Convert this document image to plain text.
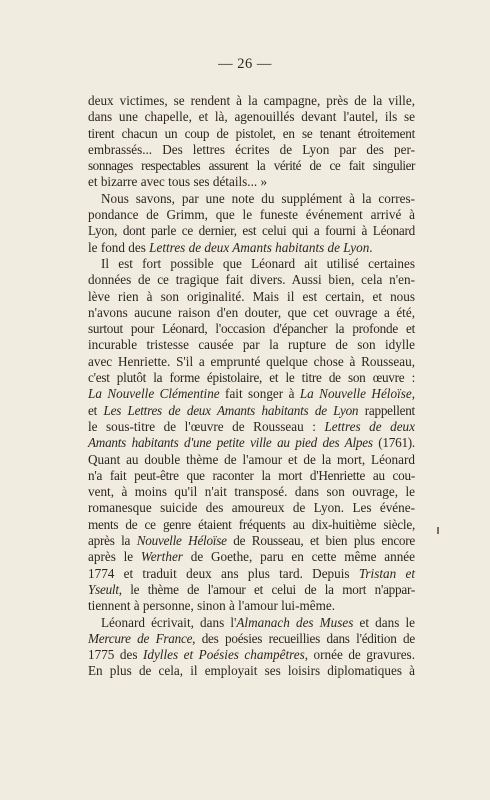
— 26 —
deux victimes, se rendent à la campagne, près de la ville,
dans une chapelle, et là, agenouillés devant l'autel, ils se
tirent chacun un coup de pistolet, en se tenant étroitement
embrassés... Des lettres écrites de Lyon par des per-
sonnages respectables assurent la vérité de ce fait singulier
et bizarre avec tous ses détails... »
Nous savons, par une note du supplément à la corres-
pondance de Grimm, que le funeste événement arrivé à
Lyon, dont parle ce dernier, est celui qui a fourni à Léonard
le fond des Lettres de deux Amants habitants de Lyon.
Il est fort possible que Léonard ait utilisé certaines
données de ce tragique fait divers. Aussi bien, cela n'en-
lève rien à son originalité. Mais il est certain, et nous
n'avons aucune raison d'en douter, que cet ouvrage a été,
surtout pour Léonard, l'occasion d'épancher la profonde et
incurable tristesse causée par la rupture de son idylle
avec Henriette. S'il a emprunté quelque chose à Rousseau,
c'est plutôt la forme épistolaire, et le titre de son œuvre :
La Nouvelle Clémentine fait songer à La Nouvelle Héloïse,
et Les Lettres de deux Amants habitants de Lyon rappellent
le sous-titre de l'œuvre de Rousseau : Lettres de deux
Amants habitants d'une petite ville au pied des Alpes (1761).
Quant au double thème de l'amour et de la mort, Léonard
n'a fait peut-être que raconter la mort d'Henriette au cou-
vent, à moins qu'il n'ait transposé. dans son ouvrage, le
romanesque suicide des amoureux de Lyon. Les événe-
ments de ce genre étaient fréquents au dix-huitième siècle,
après la Nouvelle Héloïse de Rousseau, et bien plus encore
après le Werther de Goethe, paru en cette même année
1774 et traduit deux ans plus tard. Depuis Tristan et
Yseult, le thème de l'amour et celui de la mort n'appar-
tiennent à personne, sinon à l'amour lui-même.
Léonard écrivait, dans l'Almanach des Muses et dans le
Mercure de France, des poésies recueillies dans l'édition de
1775 des Idylles et Poésies champêtres, ornée de gravures.
En plus de cela, il employait ses loisirs diplomatiques à
